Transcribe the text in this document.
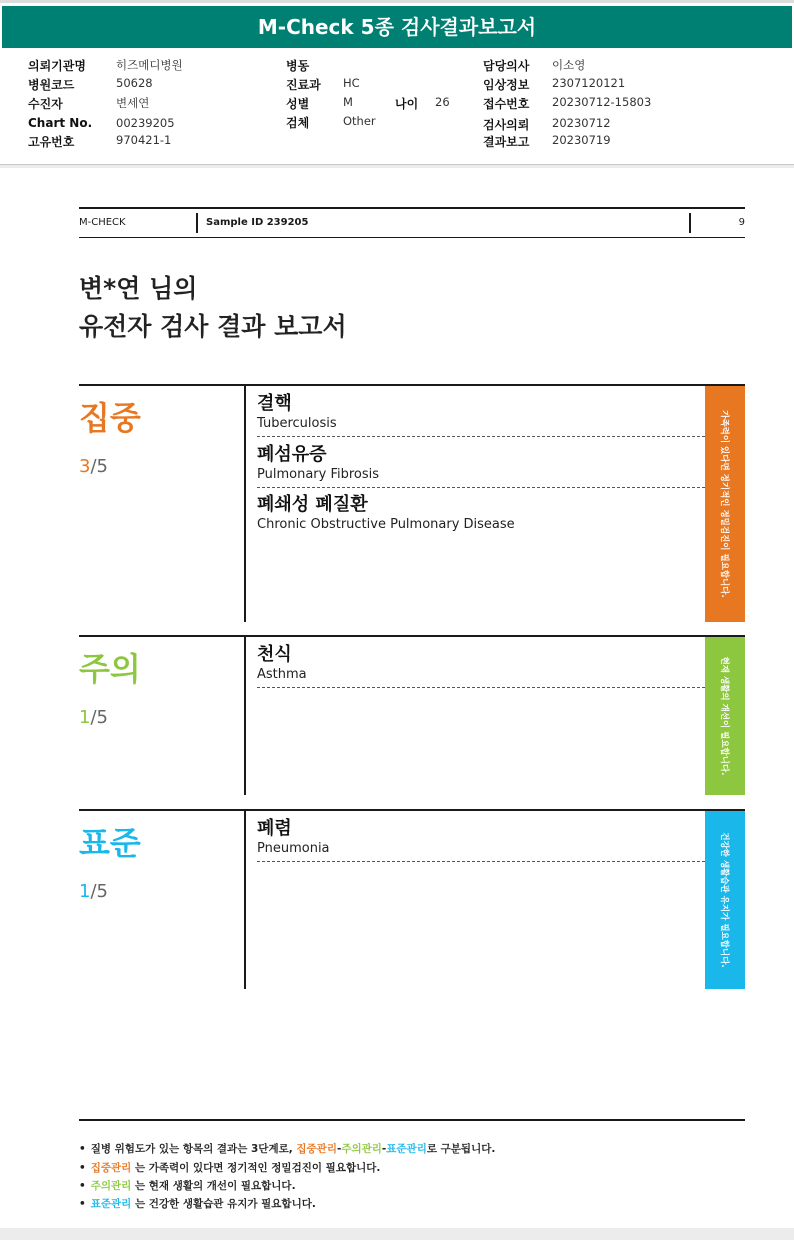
M-Check 5종 검사결과보고서
의뢰기관명	히즈메디병원
병원코드	50628
수진자	변세연
Chart No. 00239205
고유번호	970421-1
병동
진료과 HC
성별	M	나이 26
검체	Other
담당의사 이소영
임상정보 2307120121
접수번호 20230712-15803
검사의뢰 20230712
결과보고 20230719
M-CHECK	Sample ID 239205	9
변*연 님의
유전자 검사 결과 보고서
집중
3/5
결핵
Tuberculosis
폐섬유증
Pulmonary Fibrosis
폐쇄성 폐질환
Chronic Obstructive Pulmonary Disease	가족력이 있다면 정기적인 정밀검진이 필요합니다.
주의
1/5
천식
Asthma	현재 생활의 개선이 필요합니다.
표준
1/5
폐렴
Pneumonia	건강한 생활습관 유지가 필요합니다.
• 질병 위험도가 있는 항목의 결과는 3단계로, 집중관리-주의관리-표준관리로 구분됩니다.
• 집중관리 는 가족력이 있다면 정기적인 정밀검진이 필요합니다.
• 주의관리 는 현재 생활의 개선이 필요합니다.
• 표준관리 는 건강한 생활습관 유지가 필요합니다.
